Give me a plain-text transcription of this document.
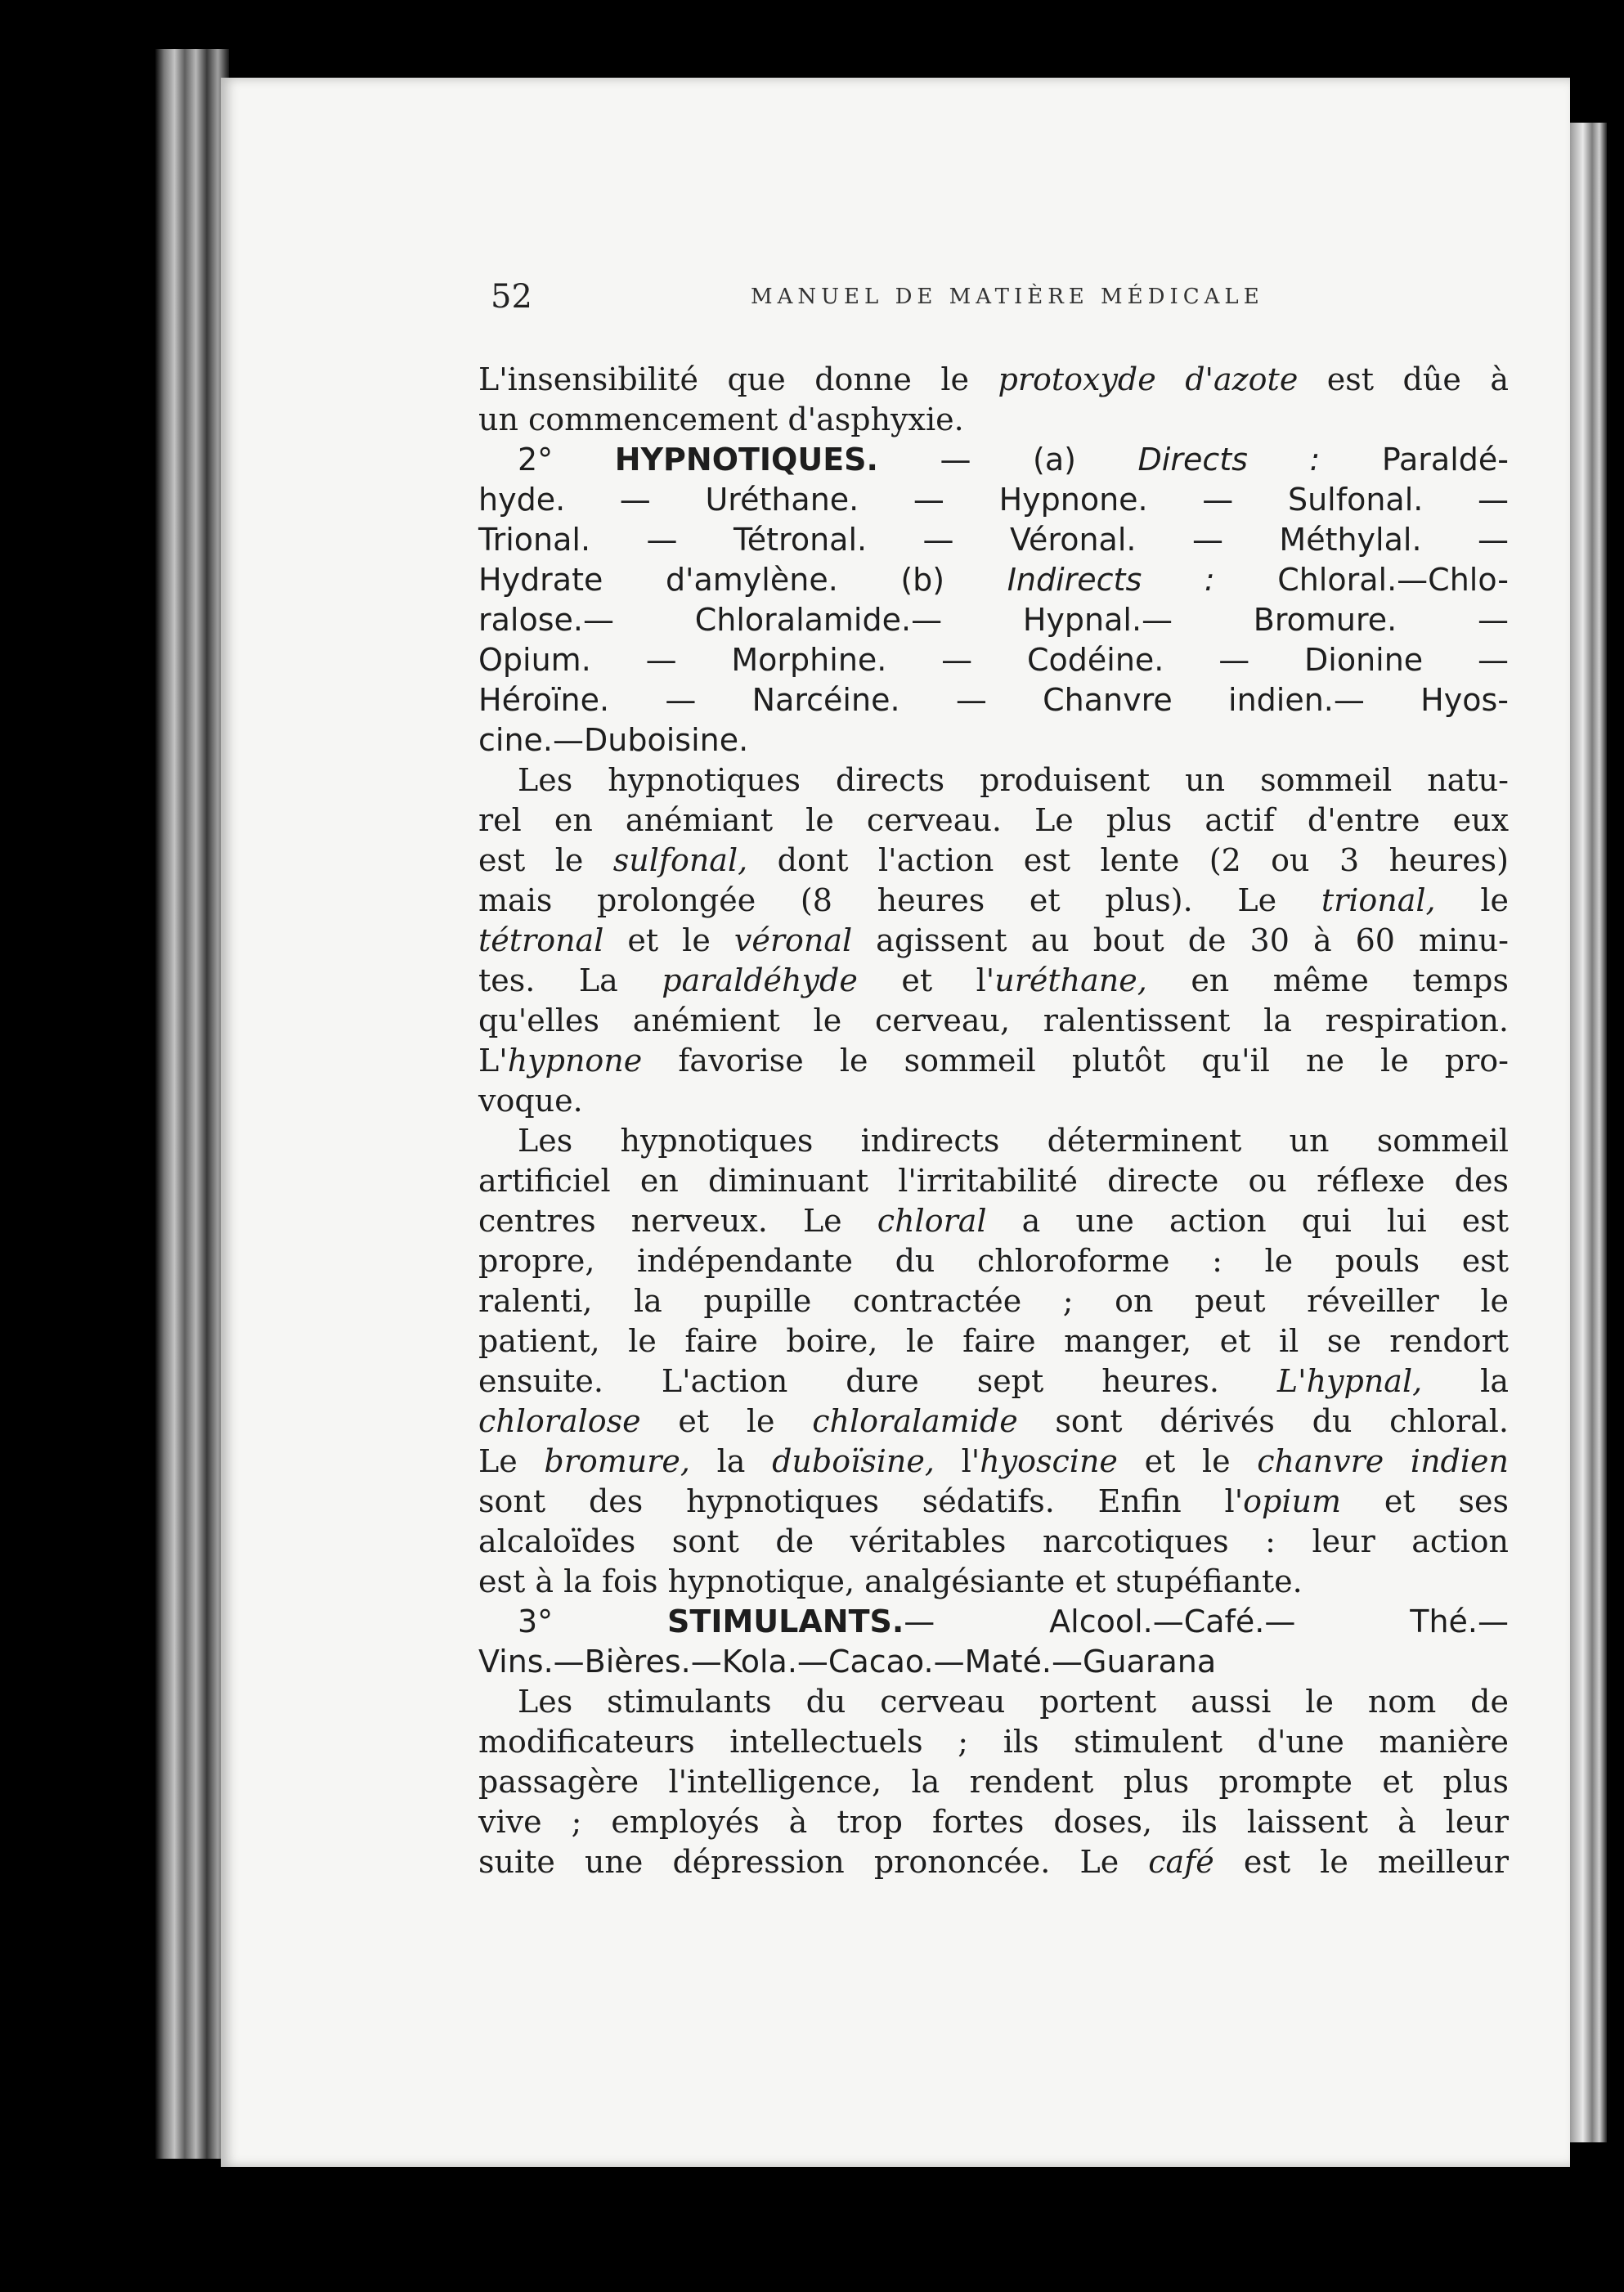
52	MANUEL DE MATIÈRE MÉDICALE
L'insensibilité que donne le protoxyde d'azote est dûe à
un commencement d'asphyxie.
2° HYPNOTIQUES. — (a) Directs : Paraldé-
hyde. — Uréthane. — Hypnone. — Sulfonal. —
Trional. — Tétronal. — Véronal. — Méthylal. —
Hydrate d'amylène. (b) Indirects : Chloral.—Chlo-
ralose.— Chloralamide.— Hypnal.— Bromure. —
Opium. — Morphine. — Codéine. — Dionine —
Héroïne. — Narcéine. — Chanvre indien.— Hyos-
cine.—Duboisine.
Les hypnotiques directs produisent un sommeil natu-
rel en anémiant le cerveau. Le plus actif d'entre eux
est le sulfonal, dont l'action est lente (2 ou 3 heures)
mais prolongée (8 heures et plus). Le trional, le
tétronal et le véronal agissent au bout de 30 à 60 minu-
tes. La paraldéhyde et l'uréthane, en même temps
qu'elles anémient le cerveau, ralentissent la respiration.
L'hypnone favorise le sommeil plutôt qu'il ne le pro-
voque.
Les hypnotiques indirects déterminent un sommeil
artificiel en diminuant l'irritabilité directe ou réflexe des
centres nerveux. Le chloral a une action qui lui est
propre, indépendante du chloroforme : le pouls est
ralenti, la pupille contractée ; on peut réveiller le
patient, le faire boire, le faire manger, et il se rendort
ensuite. L'action dure sept heures. L'hypnal, la
chloralose et le chloralamide sont dérivés du chloral.
Le bromure, la duboïsine, l'hyoscine et le chanvre indien
sont des hypnotiques sédatifs. Enfin l'opium et ses
alcaloïdes sont de véritables narcotiques : leur action
est à la fois hypnotique, analgésiante et stupéfiante.
3° STIMULANTS.— Alcool.—Café.— Thé.—
Vins.—Bières.—Kola.—Cacao.—Maté.—Guarana
Les stimulants du cerveau portent aussi le nom de
modificateurs intellectuels ; ils stimulent d'une manière
passagère l'intelligence, la rendent plus prompte et plus
vive ; employés à trop fortes doses, ils laissent à leur
suite une dépression prononcée. Le café est le meilleur
